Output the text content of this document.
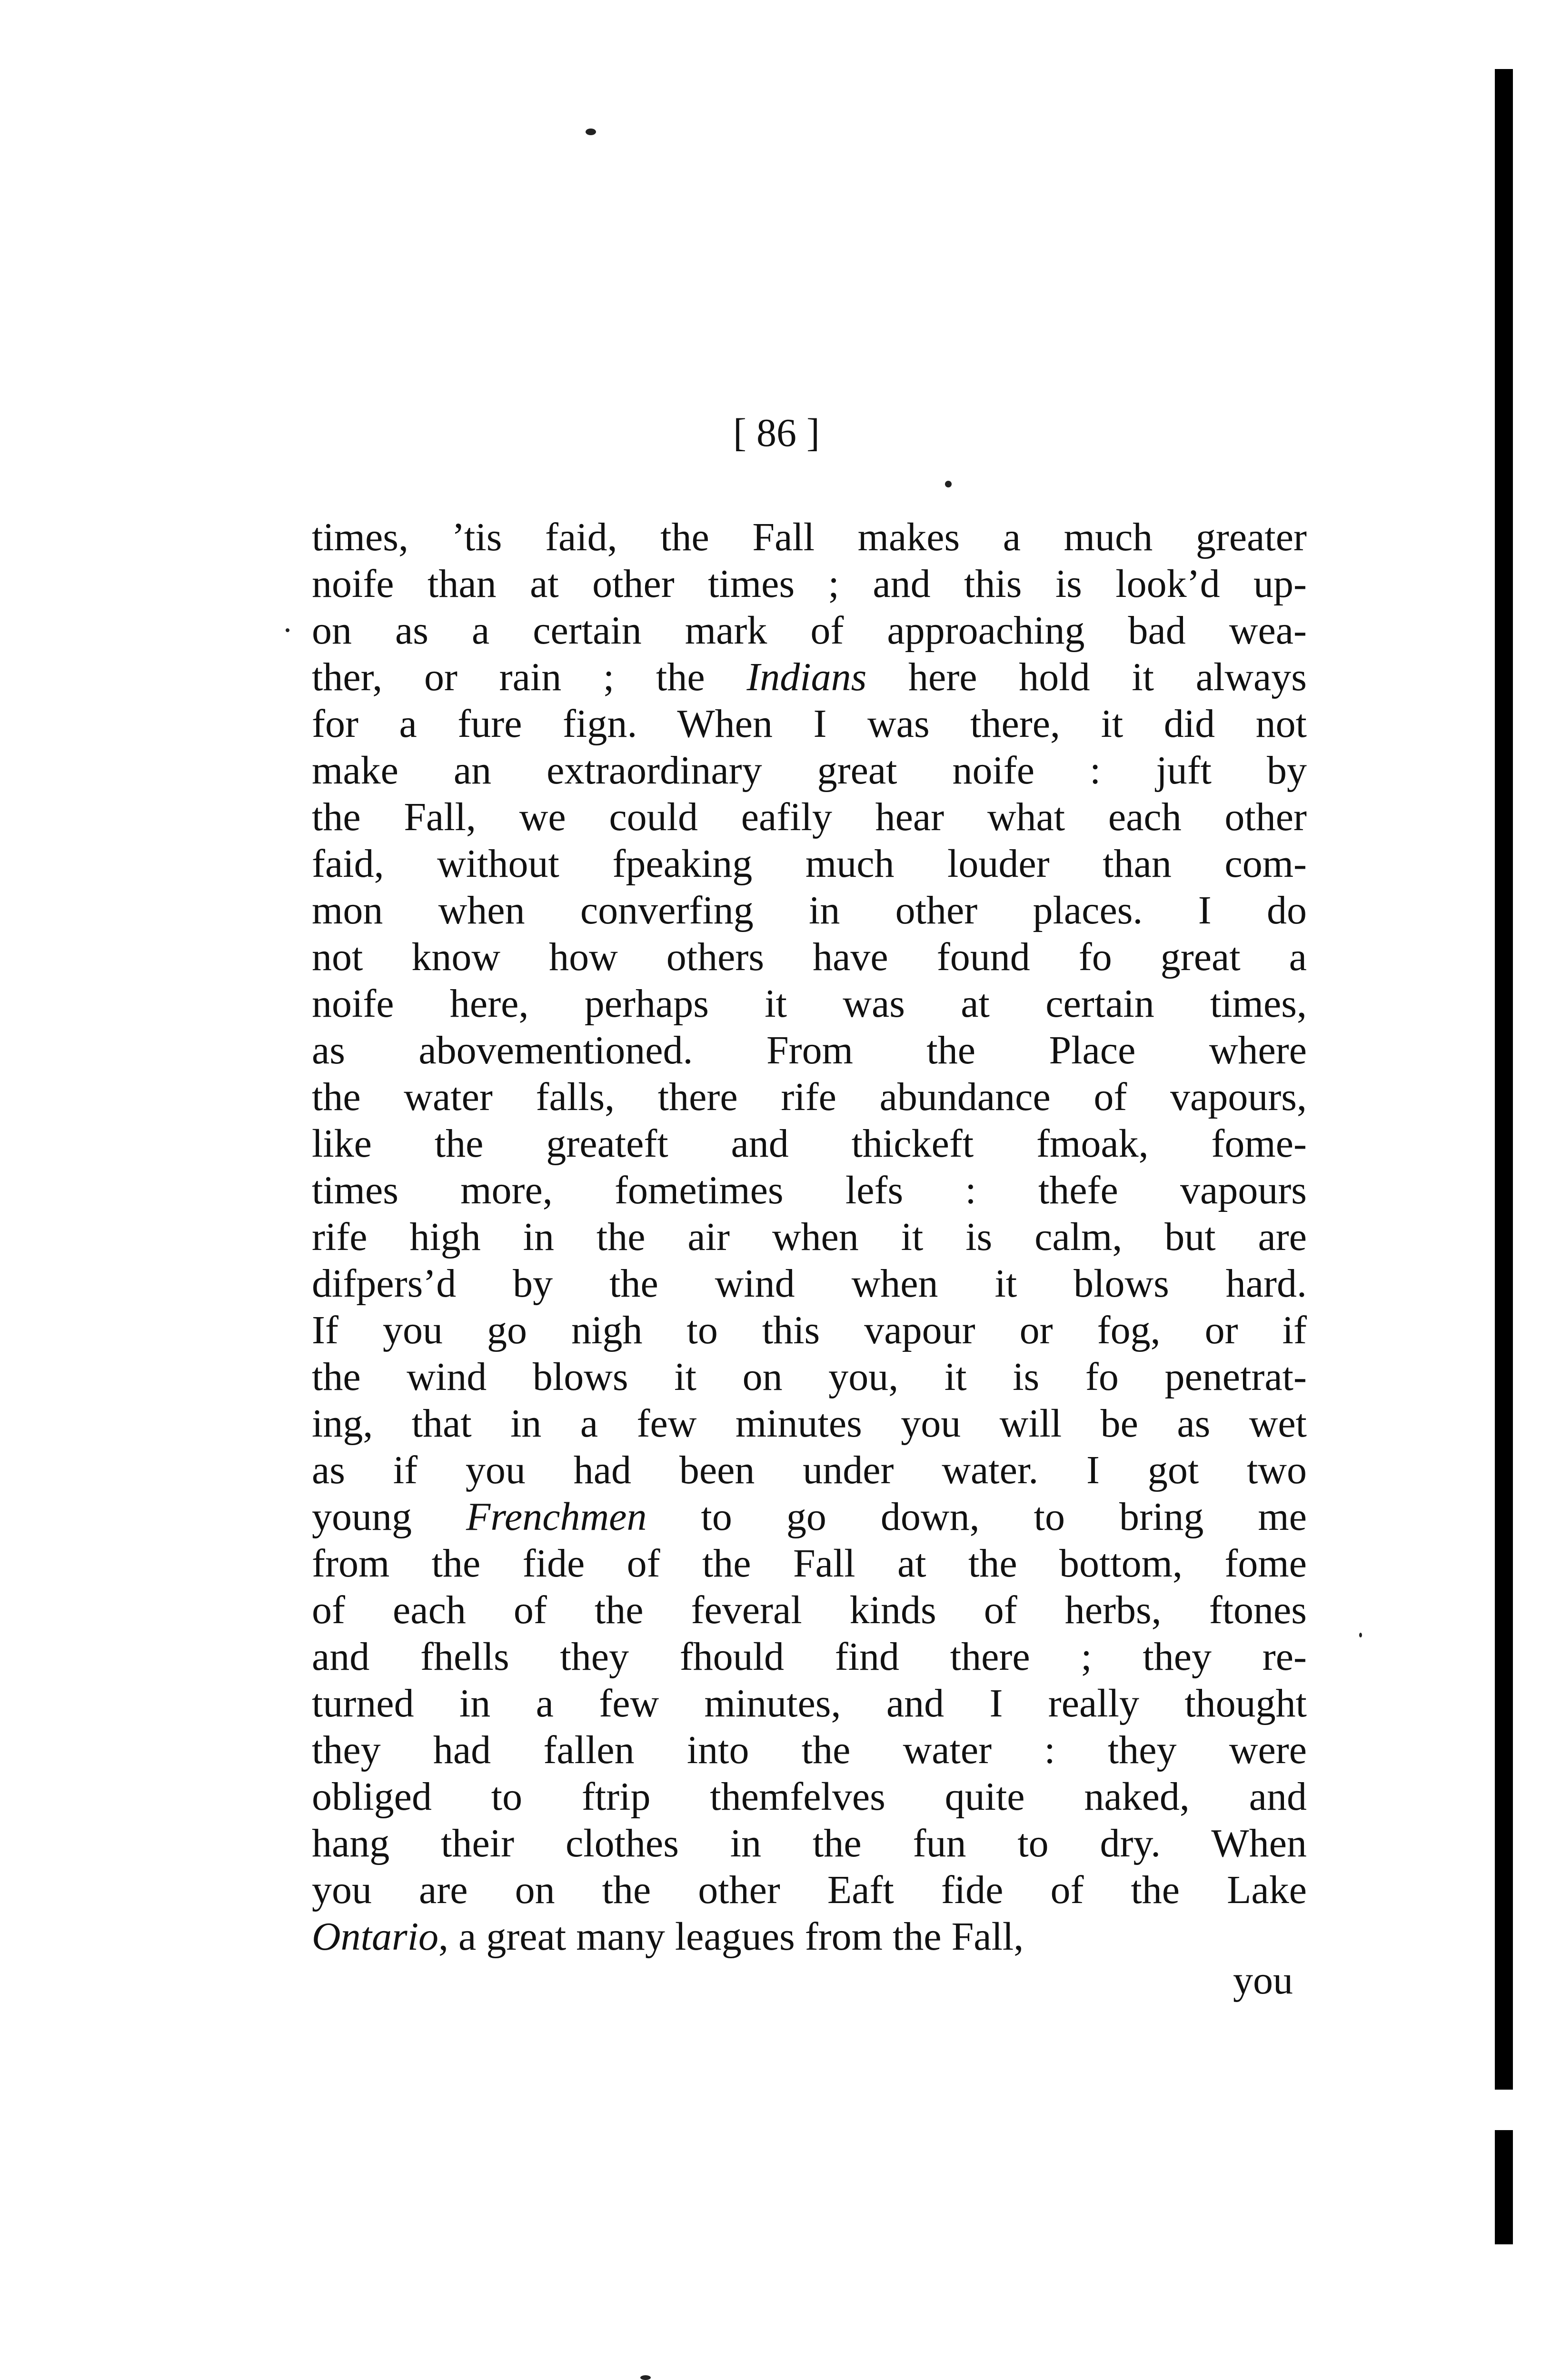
[ 86 ]
times, ’tis faid, the Fall makes a much greater
noife than at other times ; and this is look’d up-
on as a certain mark of approaching bad wea-
ther, or rain ; the Indians here hold it always
for a fure fign. When I was there, it did not
make an extraordinary great noife : juft by
the Fall, we could eafily hear what each other
faid, without fpeaking much louder than com-
mon when converfing in other places. I do
not know how others have found fo great a
noife here, perhaps it was at certain times,
as abovementioned. From the Place where
the water falls, there rife abundance of vapours,
like the greateft and thickeft fmoak, fome-
times more, fometimes lefs : thefe vapours
rife high in the air when it is calm, but are
difpers’d by the wind when it blows hard.
If you go nigh to this vapour or fog, or if
the wind blows it on you, it is fo penetrat-
ing, that in a few minutes you will be as wet
as if you had been under water. I got two
young Frenchmen to go down, to bring me
from the fide of the Fall at the bottom, fome
of each of the feveral kinds of herbs, ftones
and fhells they fhould find there ; they re-
turned in a few minutes, and I really thought
they had fallen into the water : they were
obliged to ftrip themfelves quite naked, and
hang their clothes in the fun to dry. When
you are on the other Eaft fide of the Lake
Ontario, a great many leagues from the Fall,
you
